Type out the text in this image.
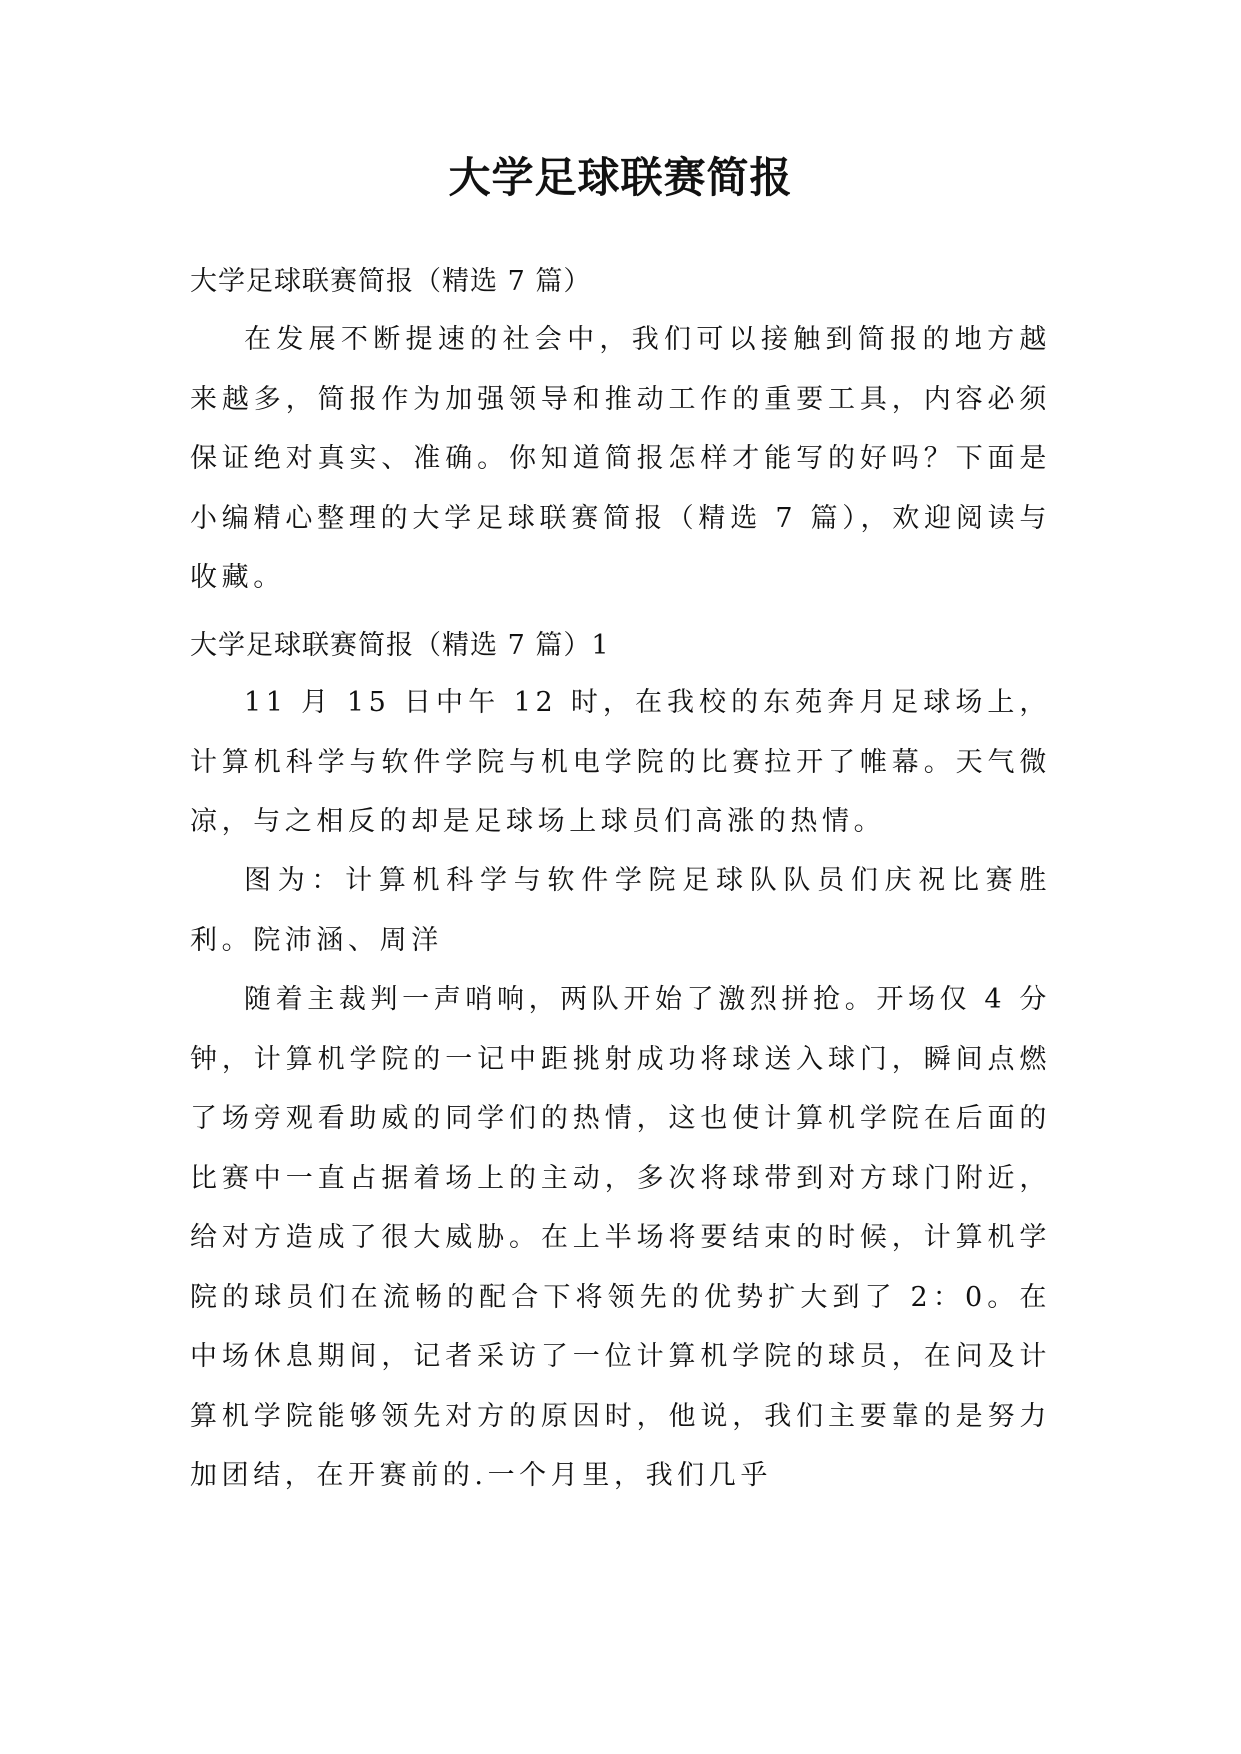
大学足球联赛简报
大学足球联赛简报（精选 7 篇）

在发展不断提速的社会中，我们可以接触到简报的地方越来越多，简报作为加强领导和推动工作的重要工具，内容必须保证绝对真实、准确。你知道简报怎样才能写的好吗？下面是小编精心整理的大学足球联赛简报（精选 7 篇），欢迎阅读与收藏。

大学足球联赛简报（精选 7 篇）1

11 月 15 日中午 12 时，在我校的东苑奔月足球场上，计算机科学与软件学院与机电学院的比赛拉开了帷幕。天气微凉，与之相反的却是足球场上球员们高涨的热情。

图为：计算机科学与软件学院足球队队员们庆祝比赛胜利。院沛涵、周洋

随着主裁判一声哨响，两队开始了激烈拼抢。开场仅 4 分钟，计算机学院的一记中距挑射成功将球送入球门，瞬间点燃了场旁观看助威的同学们的热情，这也使计算机学院在后面的比赛中一直占据着场上的主动，多次将球带到对方球门附近，给对方造成了很大威胁。在上半场将要结束的时候，计算机学院的球员们在流畅的配合下将领先的优势扩大到了 2：0。在中场休息期间，记者采访了一位计算机学院的球员，在问及计算机学院能够领先对方的原因时，他说，我们主要靠的是努力加团结，在开赛前的.一个月里，我们几乎
